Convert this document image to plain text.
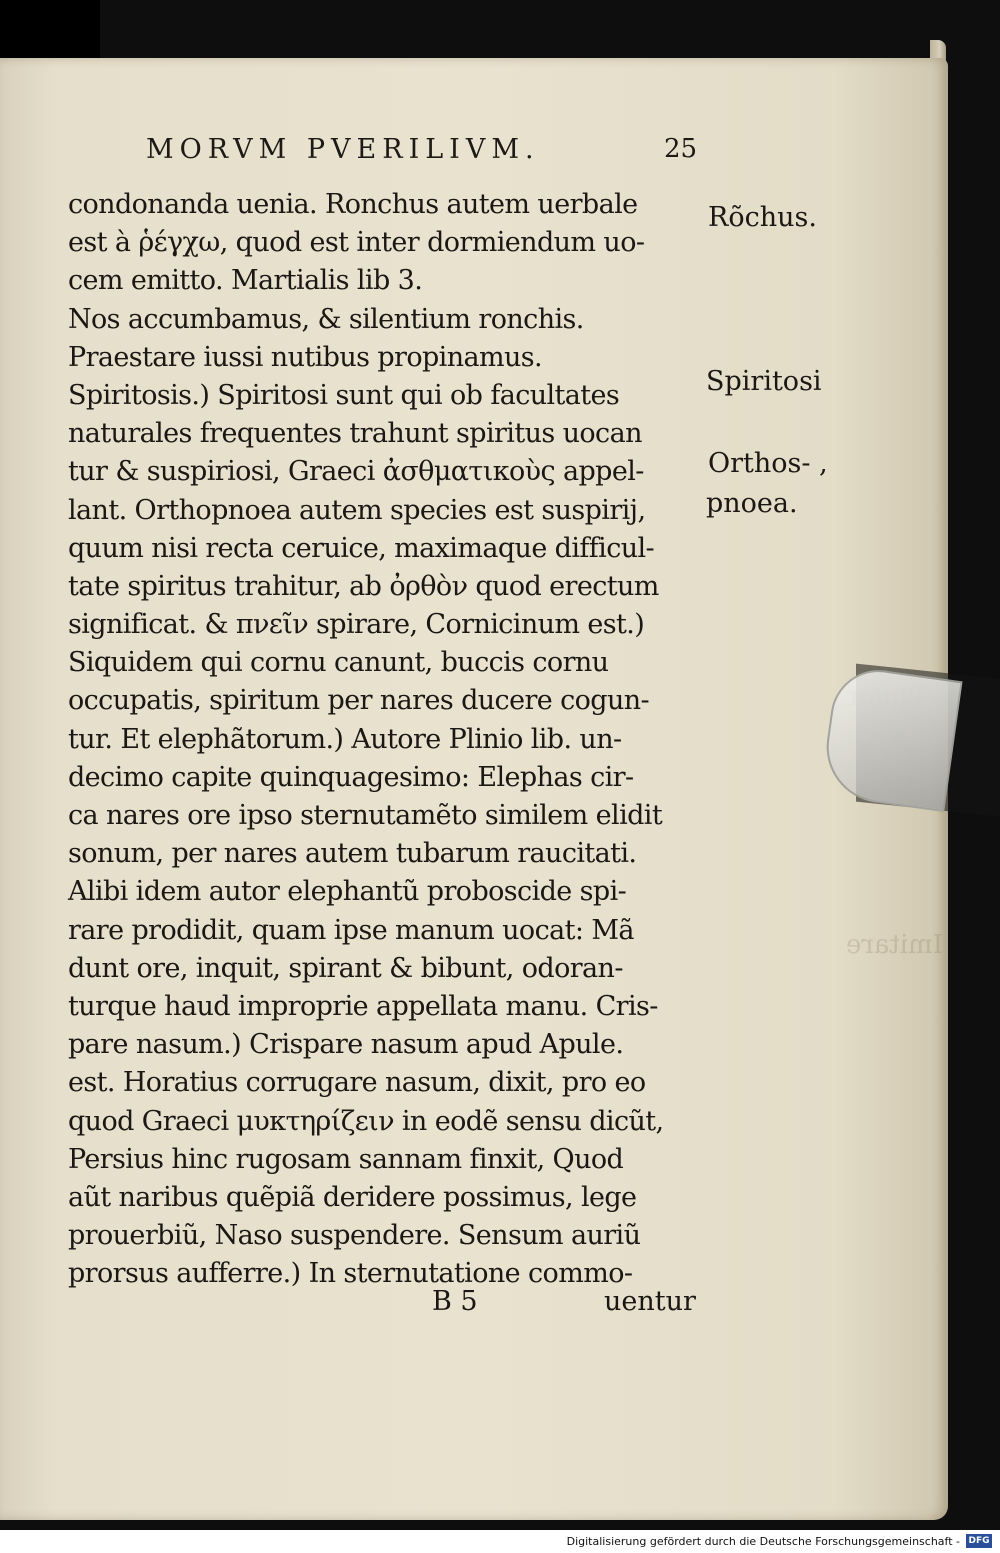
Imitare
MORVM PVERILIVM.	25
condonanda uenia. Ronchus autem uerbale
est à ῥέγχω, quod est inter dormiendum uo-
cem emitto. Martialis lib 3.
Nos accumbamus, & silentium ronchis.
Praestare iussi nutibus propinamus.
Spiritosis.) Spiritosi sunt qui ob facultates
naturales frequentes trahunt spiritus uocan
tur & suspiriosi, Graeci ἀσθματικοὺς appel-
lant. Orthopnoea autem species est suspirij,
quum nisi recta ceruice, maximaque difficul-
tate spiritus trahitur, ab ὀρθὸν quod erectum
significat. & πνεῖν spirare, Cornicinum est.)
Siquidem qui cornu canunt, buccis cornu
occupatis, spiritum per nares ducere cogun-
tur. Et elephãtorum.) Autore Plinio lib. un-
decimo capite quinquagesimo: Elephas cir-
ca nares ore ipso sternutamẽto similem elidit
sonum, per nares autem tubarum raucitati.
Alibi idem autor elephantũ proboscide spi-
rare prodidit, quam ipse manum uocat: Mã
dunt ore, inquit, spirant & bibunt, odoran-
turque haud improprie appellata manu. Cris-
pare nasum.) Crispare nasum apud Apule.
est. Horatius corrugare nasum, dixit, pro eo
quod Graeci μυκτηρίζειν in eodẽ sensu dicũt,
Persius hinc rugosam sannam finxit, Quod
aũt naribus quẽpiã deridere possimus, lege
prouerbiũ, Naso suspendere. Sensum auriũ
prorsus aufferre.) In sternutatione commo-
B 5	uentur
Rõchus.
Spiritosi
Orthos- ,
pnoea.
Digitalisierung gefördert durch die Deutsche Forschungsgemeinschaft - DFG
